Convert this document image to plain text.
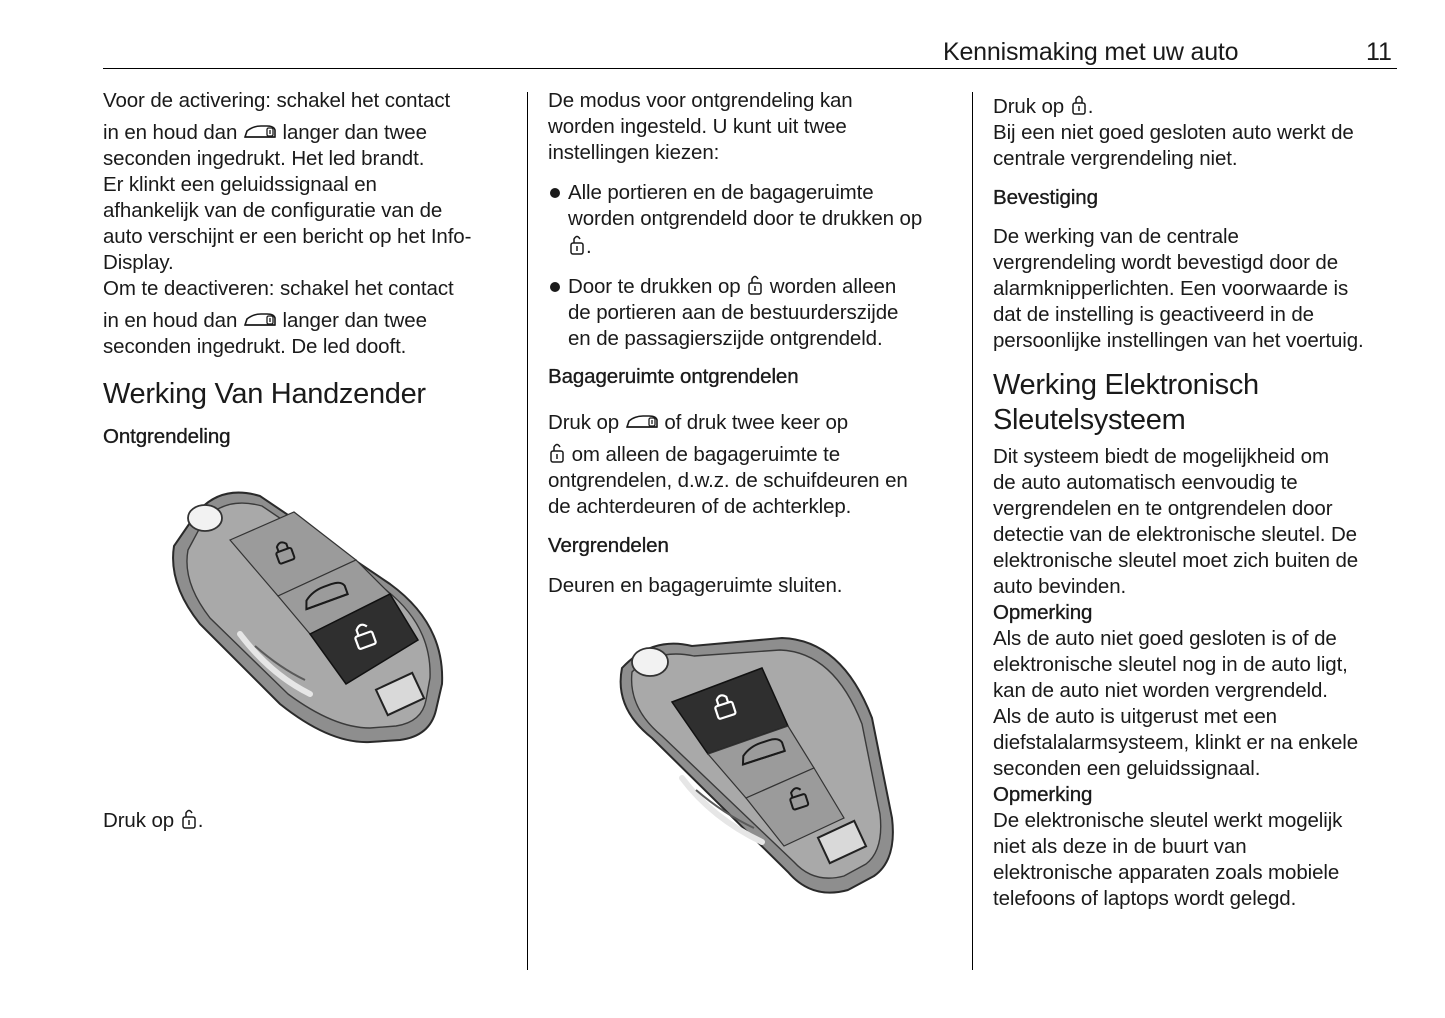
Kennismaking met uw auto	11

Voor de activering: schakel het contact

in en houd dan langer dan twee

seconden ingedrukt. Het led brandt.

Er klinkt een geluidssignaal en

afhankelijk van de configuratie van de

auto verschijnt er een bericht op het Info-

Display.

Om te deactiveren: schakel het contact

in en houd dan langer dan twee

seconden ingedrukt. De led dooft.

Werking Van Handzender

Ontgrendeling

Druk op .

De modus voor ontgrendeling kan

worden ingesteld. U kunt uit twee

instellingen kiezen:

Alle portieren en de bagageruimte

worden ontgrendeld door te drukken op

.

Door te drukken op worden alleen

de portieren aan de bestuurderszijde

en de passagierszijde ontgrendeld.

Bagageruimte ontgrendelen

Druk op of druk twee keer op

om alleen de bagageruimte te

ontgrendelen, d.w.z. de schuifdeuren en

de achterdeuren of de achterklep.

Vergrendelen

Deuren en bagageruimte sluiten.

Druk op .

Bij een niet goed gesloten auto werkt de

centrale vergrendeling niet.

Bevestiging

De werking van de centrale

vergrendeling wordt bevestigd door de

alarmknipperlichten. Een voorwaarde is

dat de instelling is geactiveerd in de

persoonlijke instellingen van het voertuig.

Werking Elektronisch
Sleutelsysteem

Dit systeem biedt de mogelijkheid om

de auto automatisch eenvoudig te

vergrendelen en te ontgrendelen door

detectie van de elektronische sleutel. De

elektronische sleutel moet zich buiten de

auto bevinden.

Opmerking

Als de auto niet goed gesloten is of de

elektronische sleutel nog in de auto ligt,

kan de auto niet worden vergrendeld.

Als de auto is uitgerust met een

diefstalalarmsysteem, klinkt er na enkele

seconden een geluidssignaal.

Opmerking

De elektronische sleutel werkt mogelijk

niet als deze in de buurt van

elektronische apparaten zoals mobiele

telefoons of laptops wordt gelegd.
